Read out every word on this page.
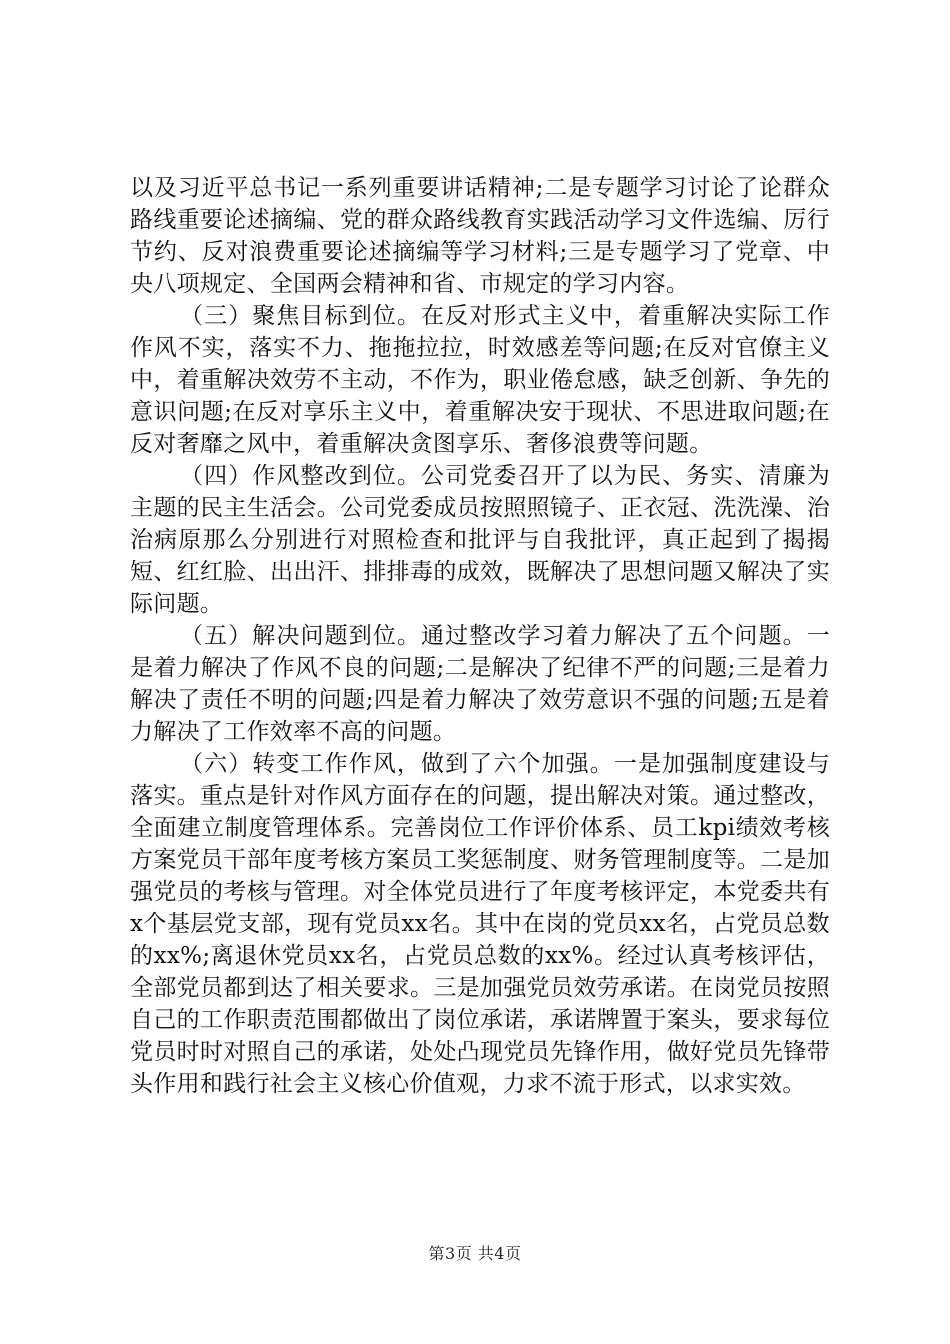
以及习近平总书记一系列重要讲话精神;二是专题学习讨论了论群众路线重要论述摘编、党的群众路线教育实践活动学习文件选编、厉行节约、反对浪费重要论述摘编等学习材料;三是专题学习了党章、中央八项规定、全国两会精神和省、市规定的学习内容。

（三）聚焦目标到位。在反对形式主义中，着重解决实际工作作风不实，落实不力、拖拖拉拉，时效感差等问题;在反对官僚主义中，着重解决效劳不主动，不作为，职业倦怠感，缺乏创新、争先的意识问题;在反对享乐主义中，着重解决安于现状、不思进取问题;在反对奢靡之风中，着重解决贪图享乐、奢侈浪费等问题。

（四）作风整改到位。公司党委召开了以为民、务实、清廉为主题的民主生活会。公司党委成员按照照镜子、正衣冠、洗洗澡、治治病原那么分别进行对照检查和批评与自我批评，真正起到了揭揭短、红红脸、出出汗、排排毒的成效，既解决了思想问题又解决了实际问题。

（五）解决问题到位。通过整改学习着力解决了五个问题。一是着力解决了作风不良的问题;二是解决了纪律不严的问题;三是着力解决了责任不明的问题;四是着力解决了效劳意识不强的问题;五是着力解决了工作效率不高的问题。

（六）转变工作作风，做到了六个加强。一是加强制度建设与落实。重点是针对作风方面存在的问题，提出解决对策。通过整改，全面建立制度管理体系。完善岗位工作评价体系、员工kpi绩效考核方案党员干部年度考核方案员工奖惩制度、财务管理制度等。二是加强党员的考核与管理。对全体党员进行了年度考核评定，本党委共有x个基层党支部，现有党员xx名。其中在岗的党员xx名，占党员总数的xx%;离退休党员xx名，占党员总数的xx%。经过认真考核评估，全部党员都到达了相关要求。三是加强党员效劳承诺。在岗党员按照自己的工作职责范围都做出了岗位承诺，承诺牌置于案头，要求每位党员时时对照自己的承诺，处处凸现党员先锋作用，做好党员先锋带头作用和践行社会主义核心价值观，力求不流于形式，以求实效。

第3页 共4页
